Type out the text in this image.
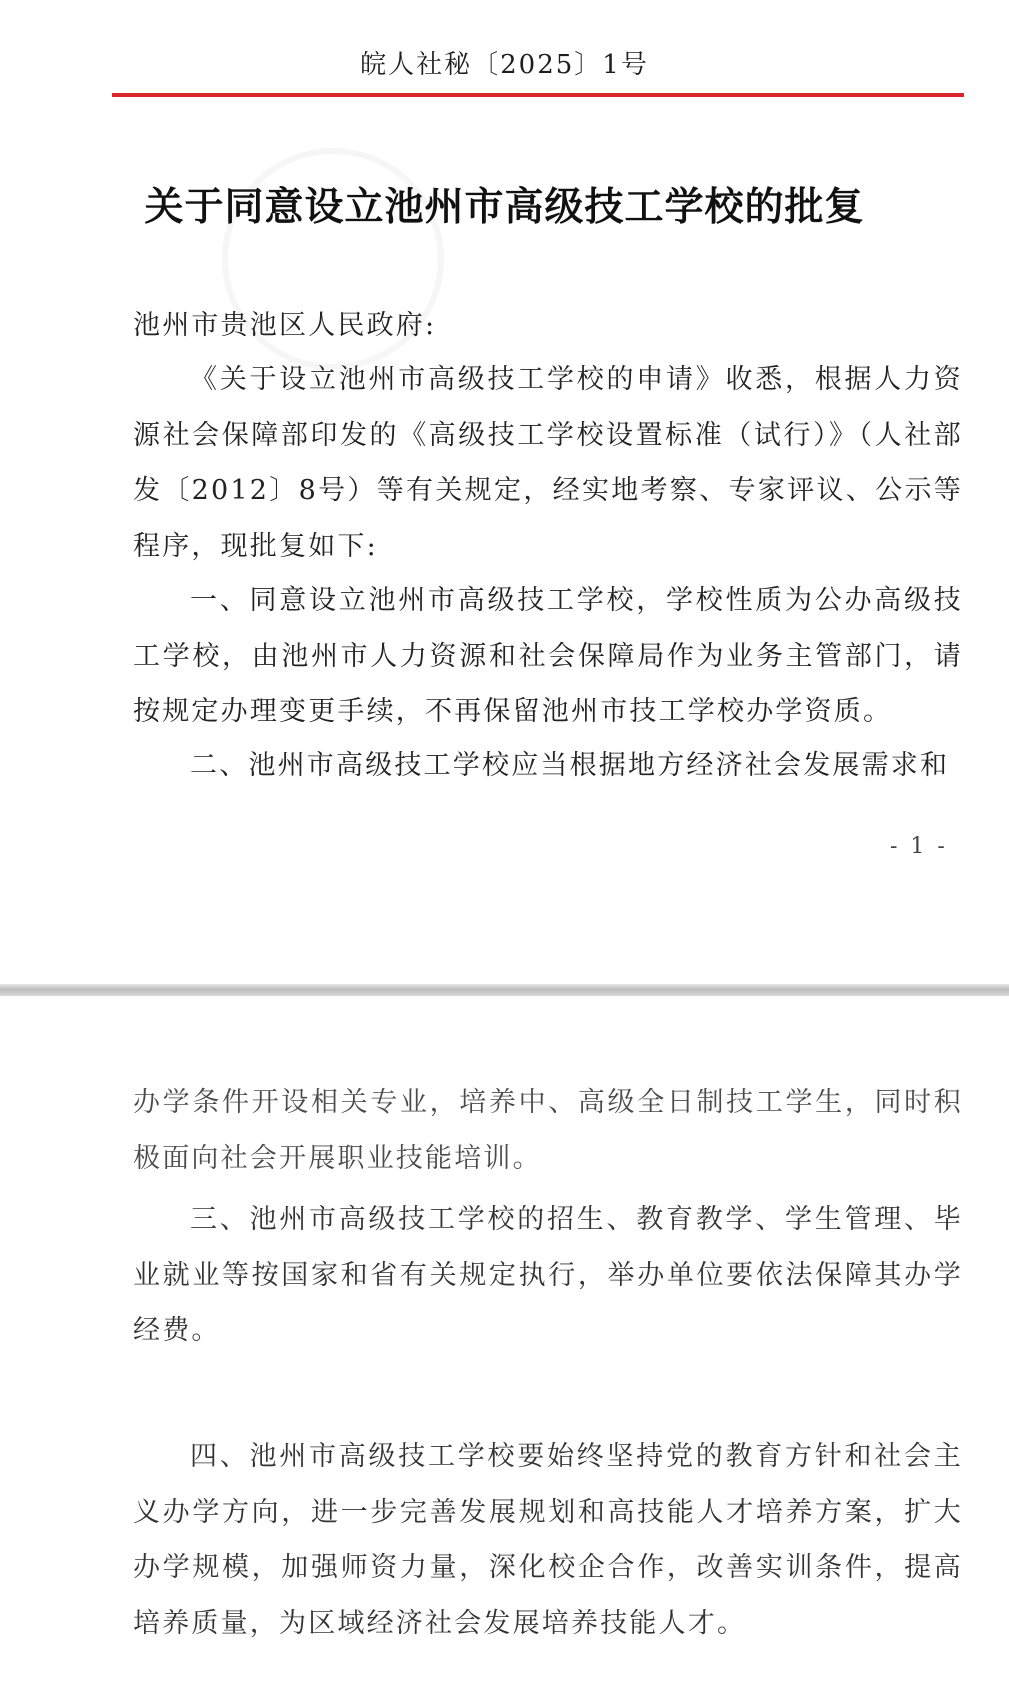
皖人社秘〔2025〕1号
关于同意设立池州市高级技工学校的批复

池州市贵池区人民政府:

《关于设立池州市高级技工学校的申请》收悉，根据人力资源社会保障部印发的《高级技工学校设置标准（试行）》（人社部发〔2012〕8号）等有关规定，经实地考察、专家评议、公示等程序，现批复如下:

一、同意设立池州市高级技工学校，学校性质为公办高级技工学校，由池州市人力资源和社会保障局作为业务主管部门，请按规定办理变更手续，不再保留池州市技工学校办学资质。

二、池州市高级技工学校应当根据地方经济社会发展需求和

- 1 -

办学条件开设相关专业，培养中、高级全日制技工学生，同时积极面向社会开展职业技能培训。

三、池州市高级技工学校的招生、教育教学、学生管理、毕业就业等按国家和省有关规定执行，举办单位要依法保障其办学经费。

四、池州市高级技工学校要始终坚持党的教育方针和社会主义办学方向，进一步完善发展规划和高技能人才培养方案，扩大办学规模，加强师资力量，深化校企合作，改善实训条件，提高培养质量，为区域经济社会发展培养技能人才。
